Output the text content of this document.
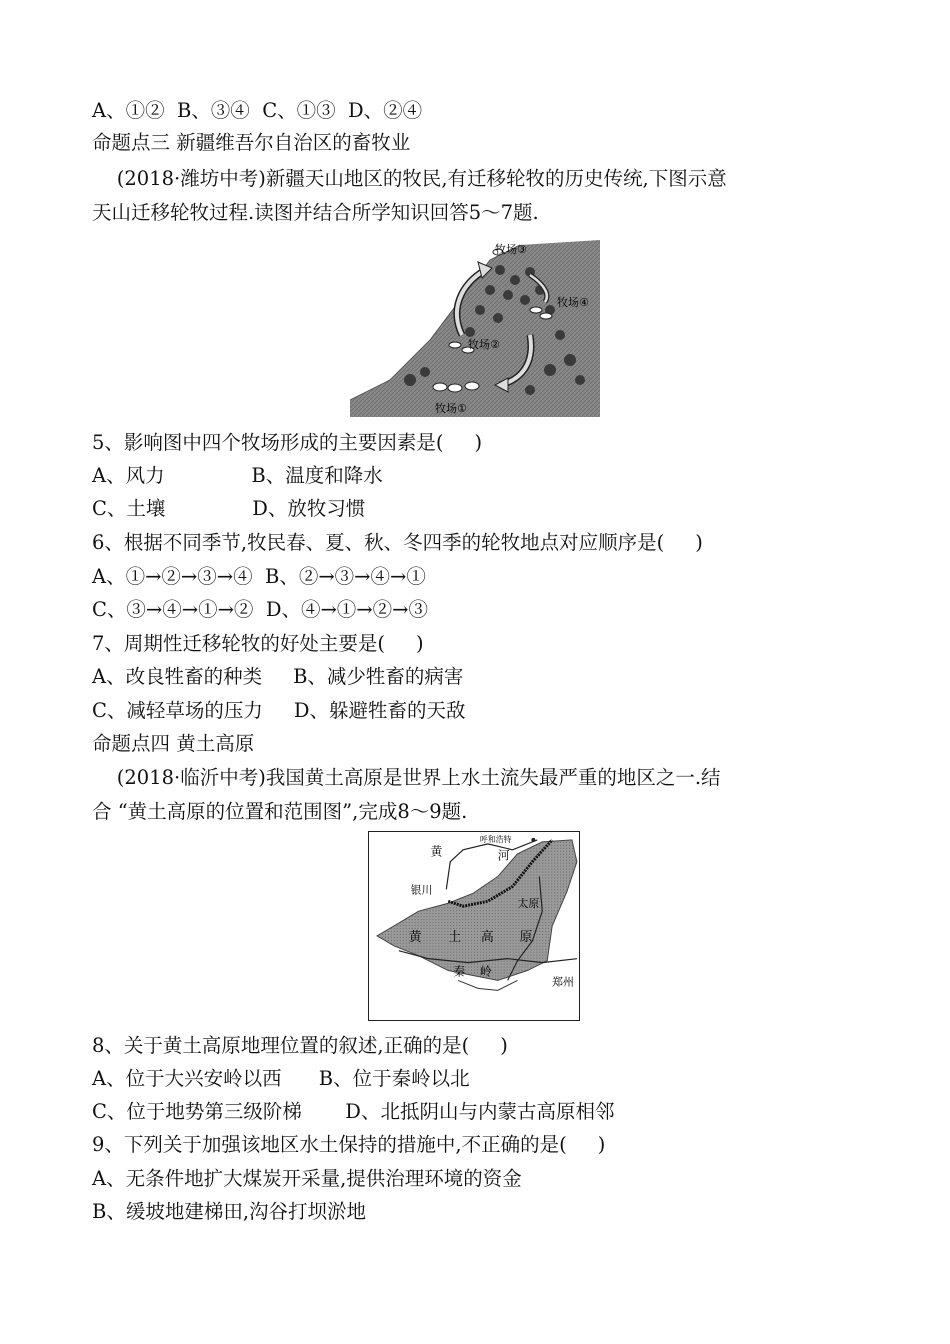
A、①②  B、③④  C、①③  D、②④
命题点三 新疆维吾尔自治区的畜牧业
(2018·潍坊中考)新疆天山地区的牧民,有迁移轮牧的历史传统,下图示意
天山迁移轮牧过程.读图并结合所学知识回答5～7题.
牧场①
牧场②
牧场③
牧场④
5、影响图中四个牧场形成的主要因素是(     )
A、风力              B、温度和降水
C、土壤              D、放牧习惯
6、根据不同季节,牧民春、夏、秋、冬四季的轮牧地点对应顺序是(     )
A、①→②→③→④  B、②→③→④→①
C、③→④→①→②  D、④→①→②→③
7、周期性迁移轮牧的好处主要是(     )
A、改良牲畜的种类     B、减少牲畜的病害
C、减轻草场的压力     D、躲避牲畜的天敌
命题点四 黄土高原
(2018·临沂中考)我国黄土高原是世界上水土流失最严重的地区之一.结
合 “黄土高原的位置和范围图”,完成8～9题.
呼和浩特
黄	河
银川
太原
黄 土 高 原
秦 岭
郑州
8、关于黄土高原地理位置的叙述,正确的是(     )
A、位于大兴安岭以西      B、位于秦岭以北
C、位于地势第三级阶梯       D、北抵阴山与内蒙古高原相邻
9、下列关于加强该地区水土保持的措施中,不正确的是(     )
A、无条件地扩大煤炭开采量,提供治理环境的资金
B、缓坡地建梯田,沟谷打坝淤地
